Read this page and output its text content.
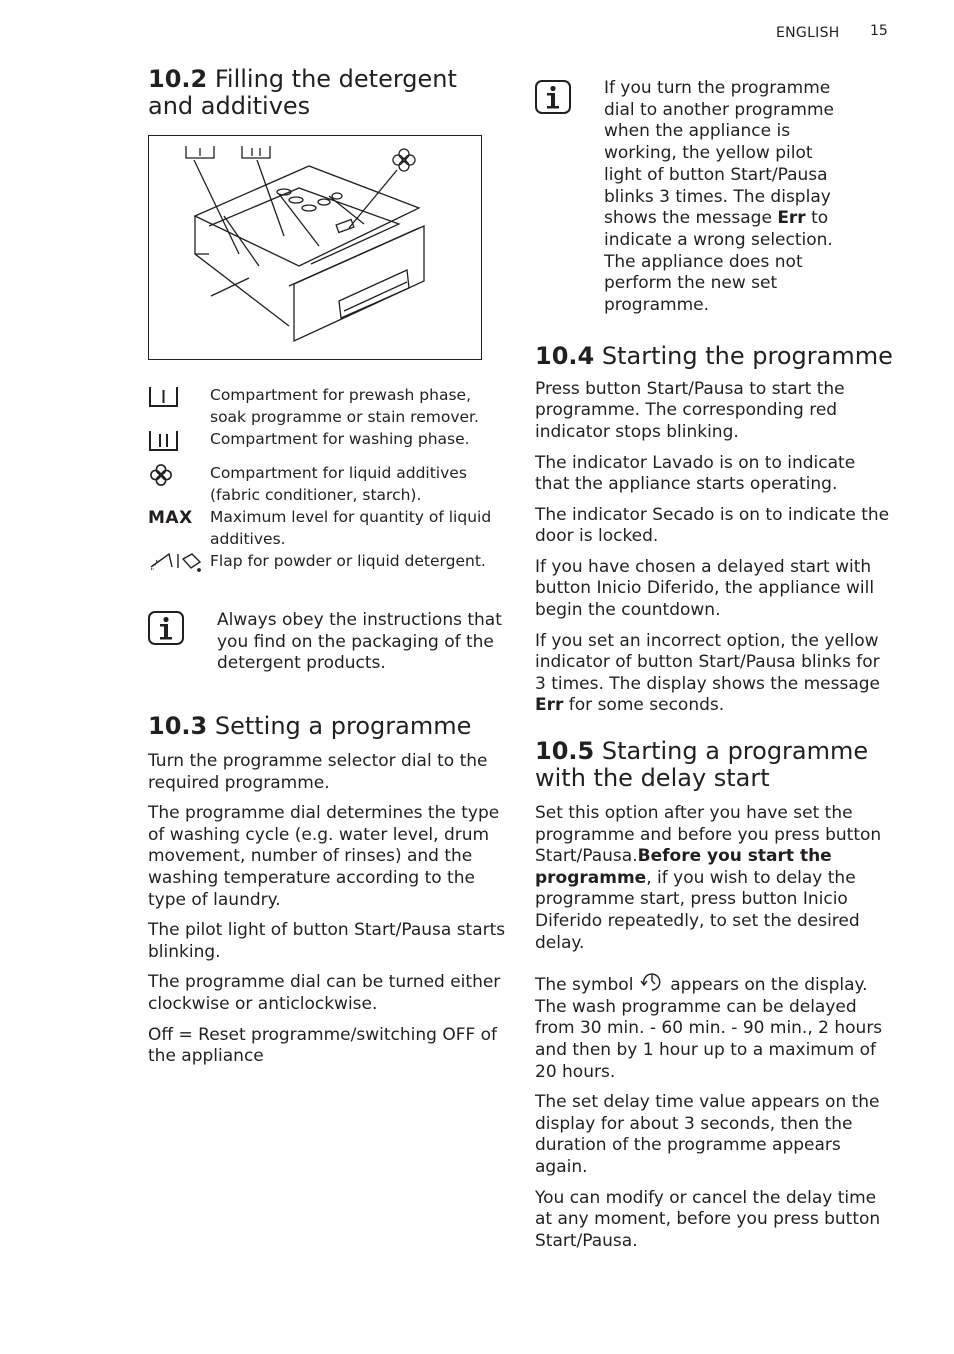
ENGLISH 15
10.2 Filling the detergent and additives
Compartment for prewash phase, soak programme or stain remover.
Compartment for washing phase.
Compartment for liquid additives (fabric conditioner, starch).
MAX Maximum level for quantity of liquid additives.
Flap for powder or liquid detergent.
Always obey the instructions that you find on the packaging of the detergent products.
10.3 Setting a programme

Turn the programme selector dial to the required programme.

The programme dial determines the type of washing cycle (e.g. water level, drum movement, number of rinses) and the washing temperature according to the type of laundry.

The pilot light of button Start/Pausa starts blinking.

The programme dial can be turned either clockwise or anticlockwise.

Off = Reset programme/switching OFF of the appliance

If you turn the programme dial to another programme when the appliance is working, the yellow pilot light of button Start/Pausa blinks 3 times. The display shows the message Err to indicate a wrong selection. The appliance does not perform the new set programme.
10.4 Starting the programme

Press button Start/Pausa to start the programme. The corresponding red indicator stops blinking.

The indicator Lavado is on to indicate that the appliance starts operating.

The indicator Secado is on to indicate the door is locked.

If you have chosen a delayed start with button Inicio Diferido, the appliance will begin the countdown.

If you set an incorrect option, the yellow indicator of button Start/Pausa blinks for 3 times. The display shows the message Err for some seconds.

10.5 Starting a programme with the delay start

Set this option after you have set the programme and before you press button Start/Pausa.Before you start the programme, if you wish to delay the programme start, press button Inicio Diferido repeatedly, to set the desired delay.

The symbol  appears on the display. The wash programme can be delayed from 30 min. - 60 min. - 90 min., 2 hours and then by 1 hour up to a maximum of 20 hours.

The set delay time value appears on the display for about 3 seconds, then the duration of the programme appears again.

You can modify or cancel the delay time at any moment, before you press button Start/Pausa.
